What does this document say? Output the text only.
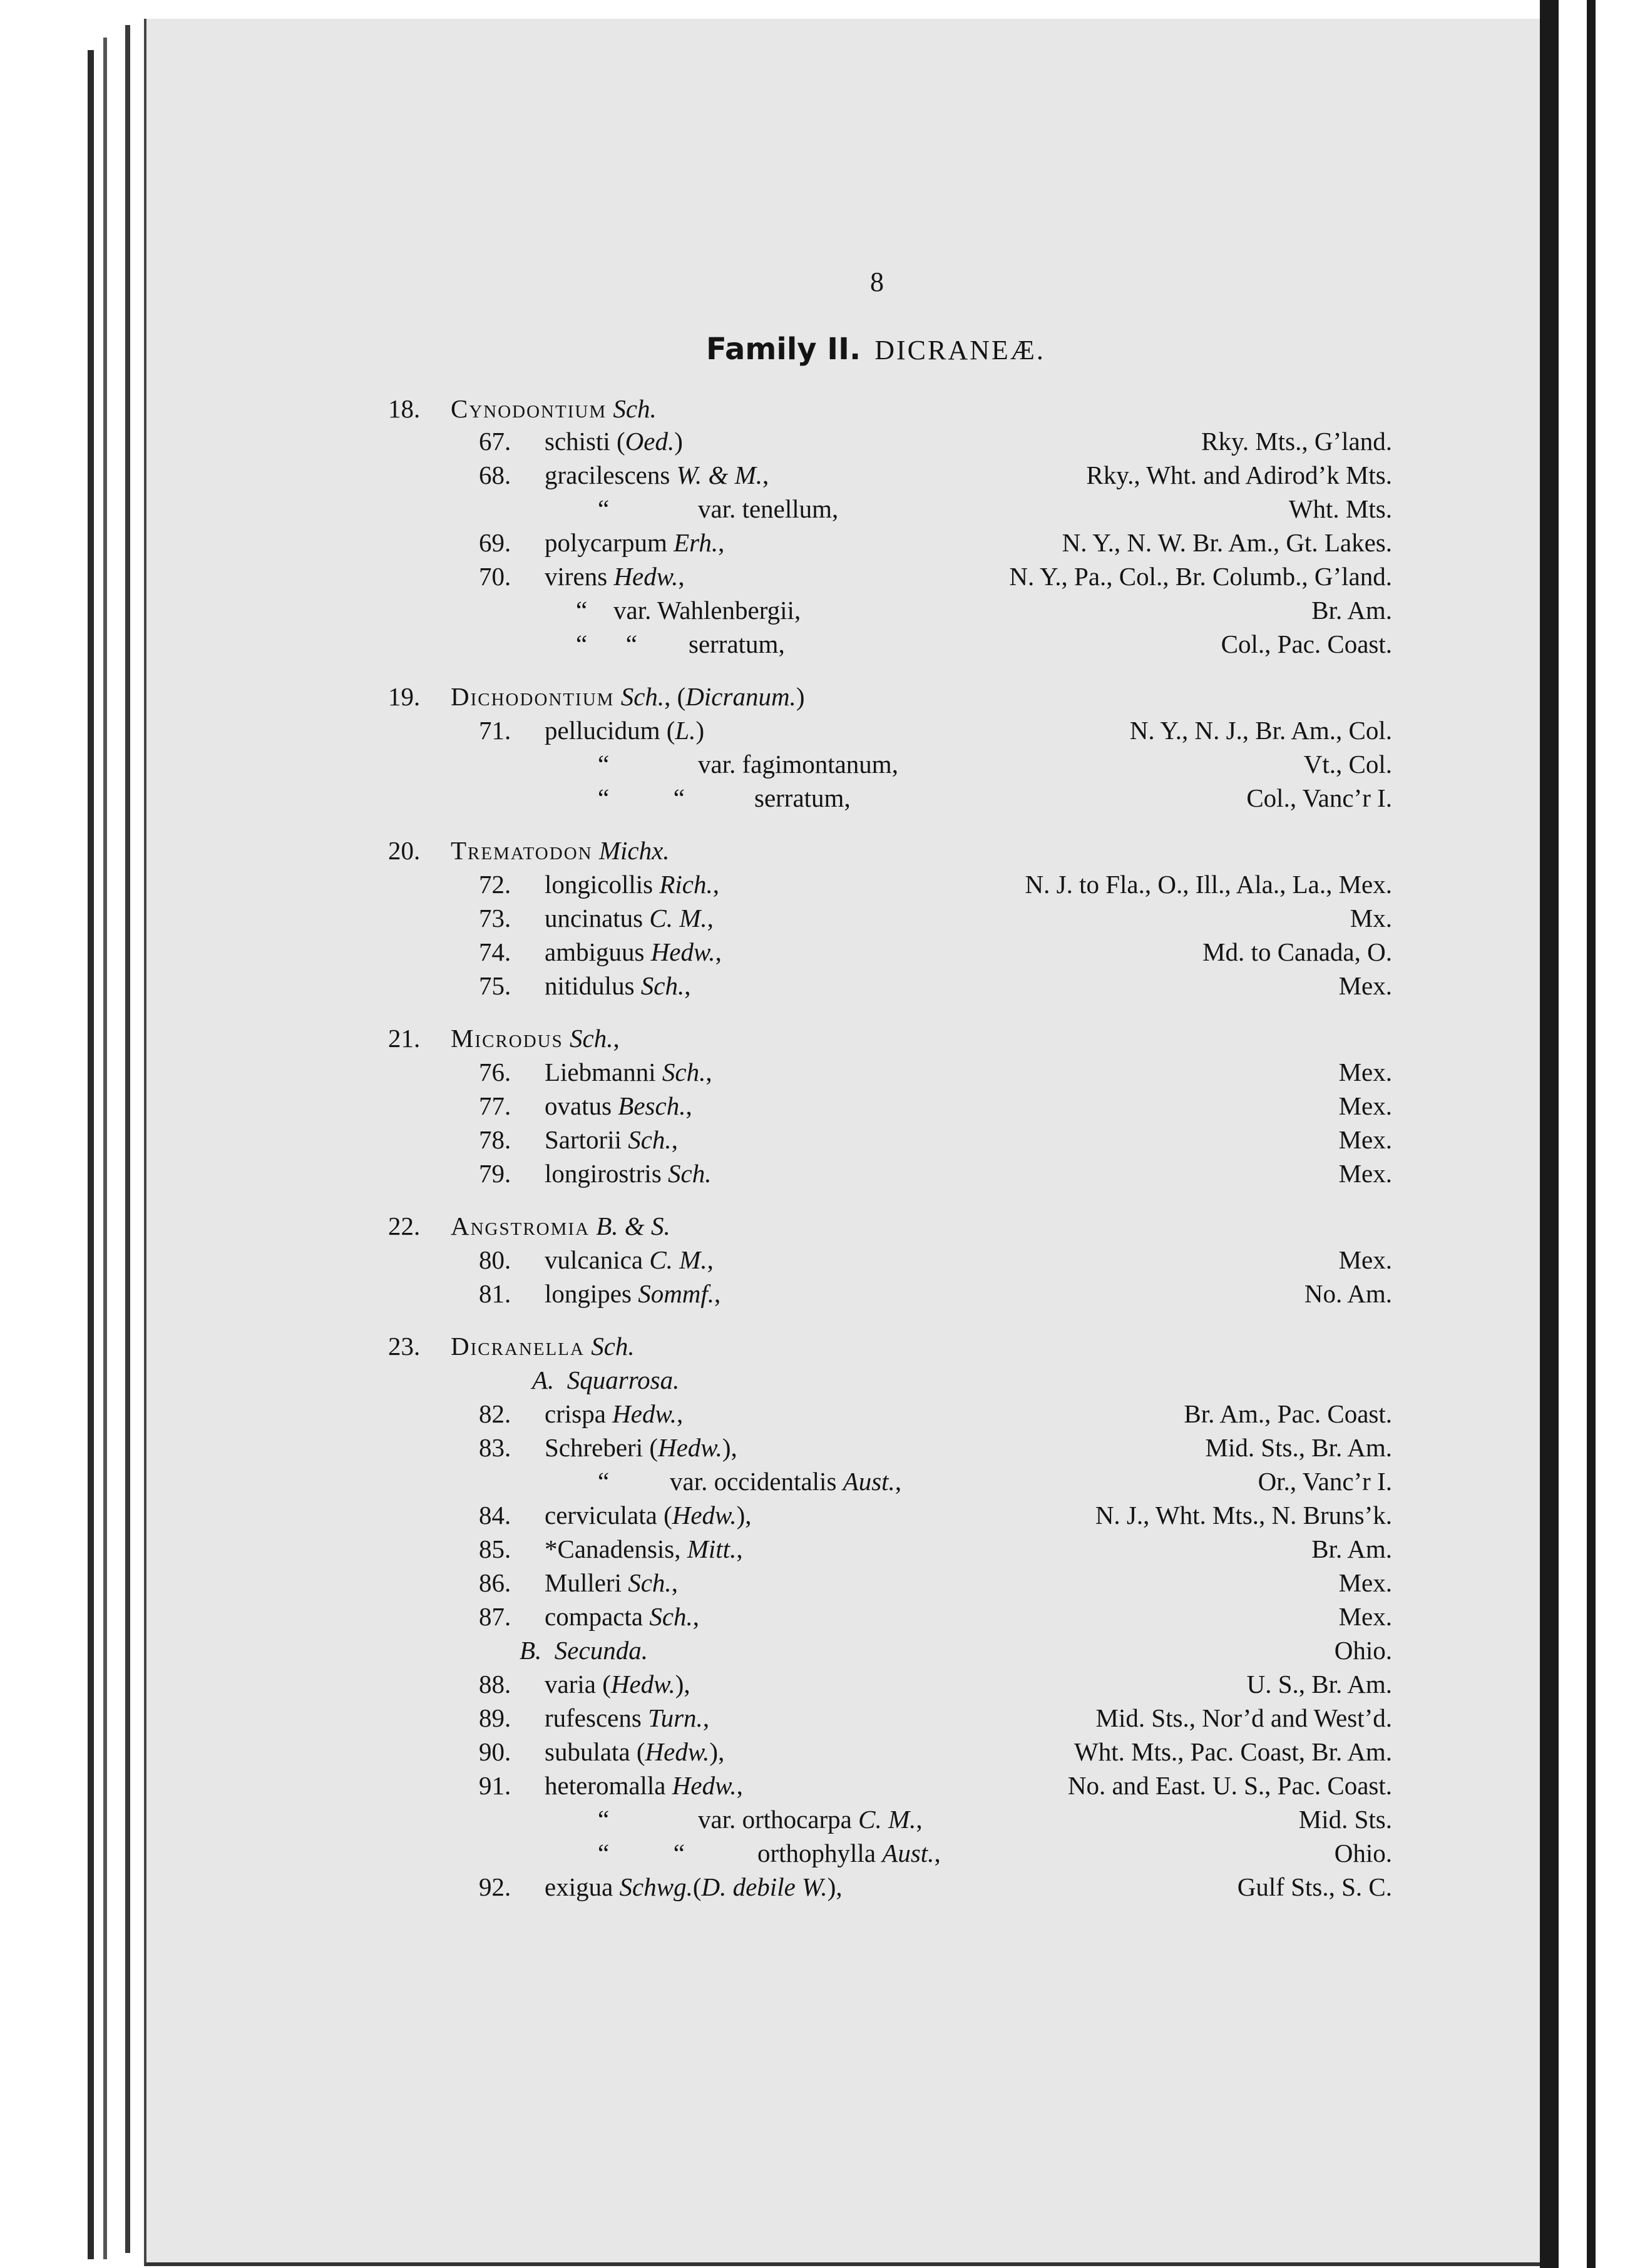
8
Family II. DICRANEÆ.
18. Cynodontium Sch.
67. schisti (Oed.)	Rky. Mts., G’land.
68. gracilescens W. & M.,	Rky., Wht. and Adirod’k Mts.
“	var. tenellum,	Wht. Mts.
69. polycarpum Erh.,	N. Y., N. W. Br. Am., Gt. Lakes.
70. virens Hedw.,	N. Y., Pa., Col., Br. Columb., G’land.
“ var. Wahlenbergii,	Br. Am.
“      “ serratum,	Col., Pac. Coast.
19. Dichodontium Sch., (Dicranum.)
71. pellucidum (L.)	N. Y., N. J., Br. Am., Col.
“	var. fagimontanum,	Vt., Col.
“          “	serratum,	Col., Vanc’r I.
20. Trematodon Michx.
72. longicollis Rich.,	N. J. to Fla., O., Ill., Ala., La., Mex.
73. uncinatus C. M.,	Mx.
74. ambiguus Hedw.,	Md. to Canada, O.
75. nitidulus Sch.,	Mex.
21. Microdus Sch.,
76. Liebmanni Sch.,	Mex.
77. ovatus Besch.,	Mex.
78. Sartorii Sch.,	Mex.
79. longirostris Sch.	Mex.
22. Angstromia B. & S.
80. vulcanica C. M.,	Mex.
81. longipes Sommf.,	No. Am.
23. Dicranella Sch.
A.  Squarrosa.
82. crispa Hedw.,	Br. Am., Pac. Coast.
83. Schreberi (Hedw.),	Mid. Sts., Br. Am.
“ var. occidentalis Aust.,	Or., Vanc’r I.
84. cerviculata (Hedw.),	N. J., Wht. Mts., N. Bruns’k.
85. *Canadensis, Mitt.,	Br. Am.
86. Mulleri Sch.,	Mex.
87. compacta Sch.,	Mex.
B.  Secunda.	Ohio.
88. varia (Hedw.),	U. S., Br. Am.
89. rufescens Turn.,	Mid. Sts., Nor’d and West’d.
90. subulata (Hedw.),	Wht. Mts., Pac. Coast, Br. Am.
91. heteromalla Hedw.,	No. and East. U. S., Pac. Coast.
“	var. orthocarpa C. M.,	Mid. Sts.
“          “	orthophylla Aust.,	Ohio.
92. exigua Schwg.(D. debile W.),	Gulf Sts., S. C.
